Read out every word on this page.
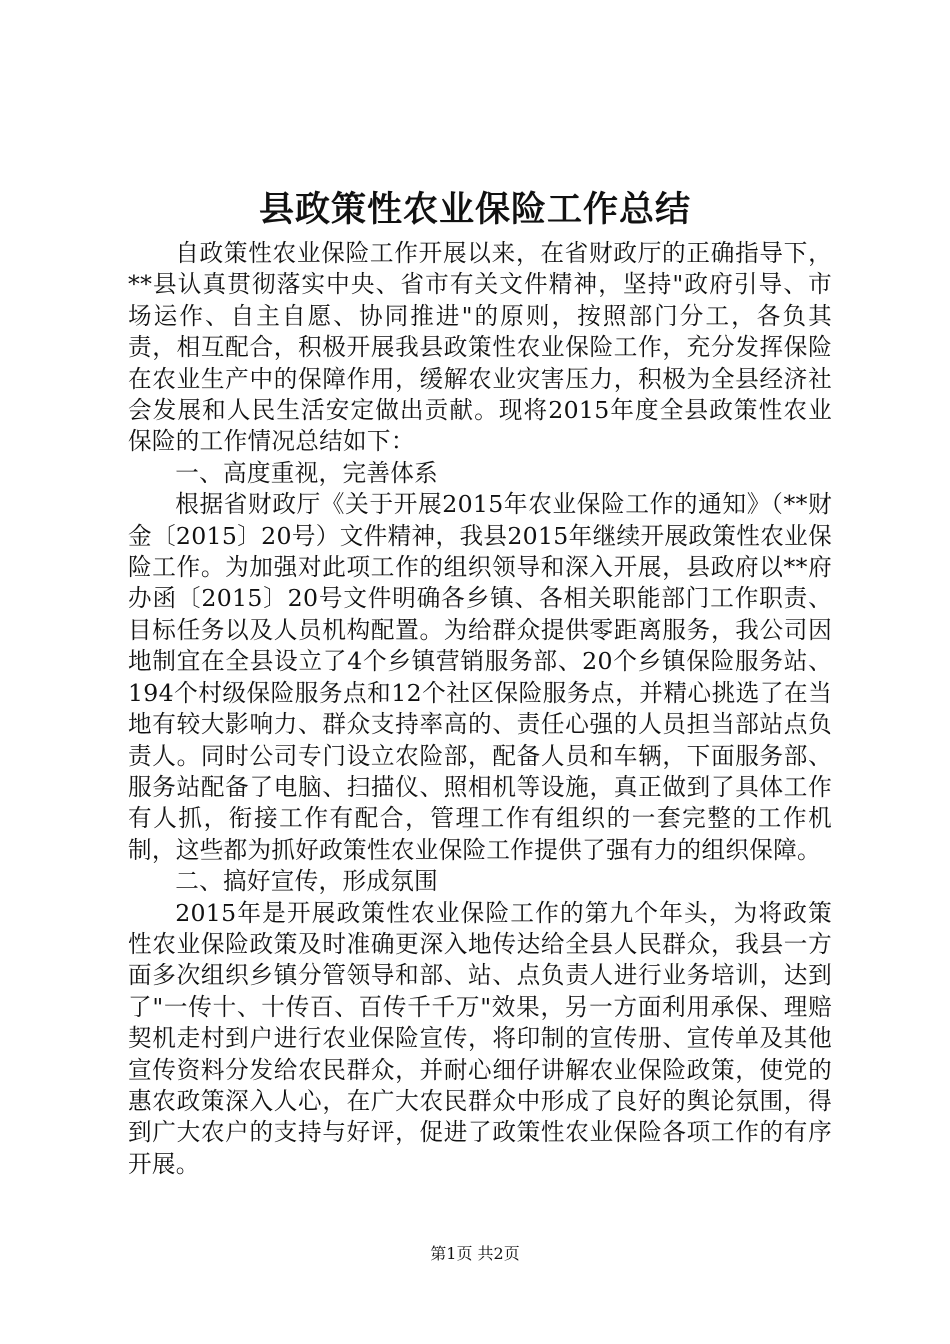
县政策性农业保险工作总结

自政策性农业保险工作开展以来，在省财政厅的正确指导下，**县认真贯彻落实中央、省市有关文件精神，坚持"政府引导、市场运作、自主自愿、协同推进"的原则，按照部门分工，各负其责，相互配合，积极开展我县政策性农业保险工作，充分发挥保险在农业生产中的保障作用，缓解农业灾害压力，积极为全县经济社会发展和人民生活安定做出贡献。现将2015年度全县政策性农业保险的工作情况总结如下：

一、高度重视，完善体系

根据省财政厅《关于开展2015年农业保险工作的通知》（**财金〔2015〕20号）文件精神，我县2015年继续开展政策性农业保险工作。为加强对此项工作的组织领导和深入开展，县政府以**府办函〔2015〕20号文件明确各乡镇、各相关职能部门工作职责、目标任务以及人员机构配置。为给群众提供零距离服务，我公司因地制宜在全县设立了4个乡镇营销服务部、20个乡镇保险服务站、194个村级保险服务点和12个社区保险服务点，并精心挑选了在当地有较大影响力、群众支持率高的、责任心强的人员担当部站点负责人。同时公司专门设立农险部，配备人员和车辆，下面服务部、服务站配备了电脑、扫描仪、照相机等设施，真正做到了具体工作有人抓，衔接工作有配合，管理工作有组织的一套完整的工作机制，这些都为抓好政策性农业保险工作提供了强有力的组织保障。

二、搞好宣传，形成氛围

2015年是开展政策性农业保险工作的第九个年头，为将政策性农业保险政策及时准确更深入地传达给全县人民群众，我县一方面多次组织乡镇分管领导和部、站、点负责人进行业务培训，达到了"一传十、十传百、百传千千万"效果，另一方面利用承保、理赔契机走村到户进行农业保险宣传，将印制的宣传册、宣传单及其他宣传资料分发给农民群众，并耐心细仔讲解农业保险政策，使党的惠农政策深入人心，在广大农民群众中形成了良好的舆论氛围，得到广大农户的支持与好评，促进了政策性农业保险各项工作的有序开展。

第1页 共2页
